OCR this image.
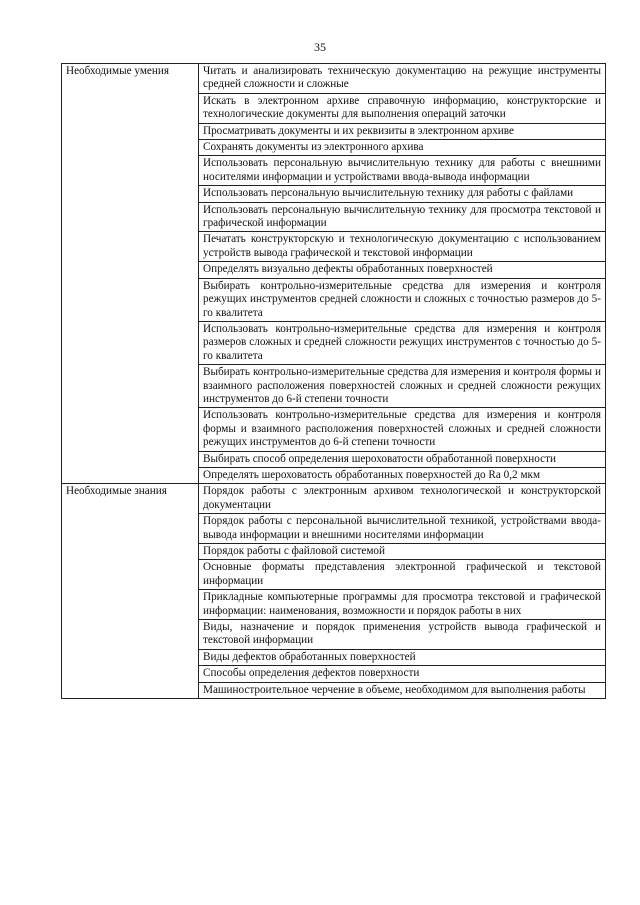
35
Необходимые умения	Читать и анализировать техническую документацию на режущие инструменты средней сложности и сложные
	Искать в электронном архиве справочную информацию, конструкторские и технологические документы для выполнения операций заточки
	Просматривать документы и их реквизиты в электронном архиве
	Сохранять документы из электронного архива
	Использовать персональную вычислительную технику для работы с внешними носителями информации и устройствами ввода-вывода информации
	Использовать персональную вычислительную технику для работы с файлами
	Использовать персональную вычислительную технику для просмотра текстовой и графической информации
	Печатать конструкторскую и технологическую документацию с использованием устройств вывода графической и текстовой информации
	Определять визуально дефекты обработанных поверхностей
	Выбирать контрольно-измерительные средства для измерения и контроля режущих инструментов средней сложности и сложных с точностью размеров до 5-го квалитета
	Использовать контрольно-измерительные средства для измерения и контроля размеров сложных и средней сложности режущих инструментов с точностью до 5-го квалитета
	Выбирать контрольно-измерительные средства для измерения и контроля формы и взаимного расположения поверхностей сложных и средней сложности режущих инструментов до 6-й степени точности
	Использовать контрольно-измерительные средства для измерения и контроля формы и взаимного расположения поверхностей сложных и средней сложности режущих инструментов до 6-й степени точности
	Выбирать способ определения шероховатости обработанной поверхности
	Определять шероховатость обработанных поверхностей до Ra 0,2 мкм
Необходимые знания	Порядок работы с электронным архивом технологической и конструкторской документации
	Порядок работы с персональной вычислительной техникой, устройствами ввода-вывода информации и внешними носителями информации
	Порядок работы с файловой системой
	Основные форматы представления электронной графической и текстовой информации
	Прикладные компьютерные программы для просмотра текстовой и графической информации: наименования, возможности и порядок работы в них
	Виды, назначение и порядок применения устройств вывода графической и текстовой информации
	Виды дефектов обработанных поверхностей
	Способы определения дефектов поверхности
	Машиностроительное черчение в объеме, необходимом для выполнения работы
